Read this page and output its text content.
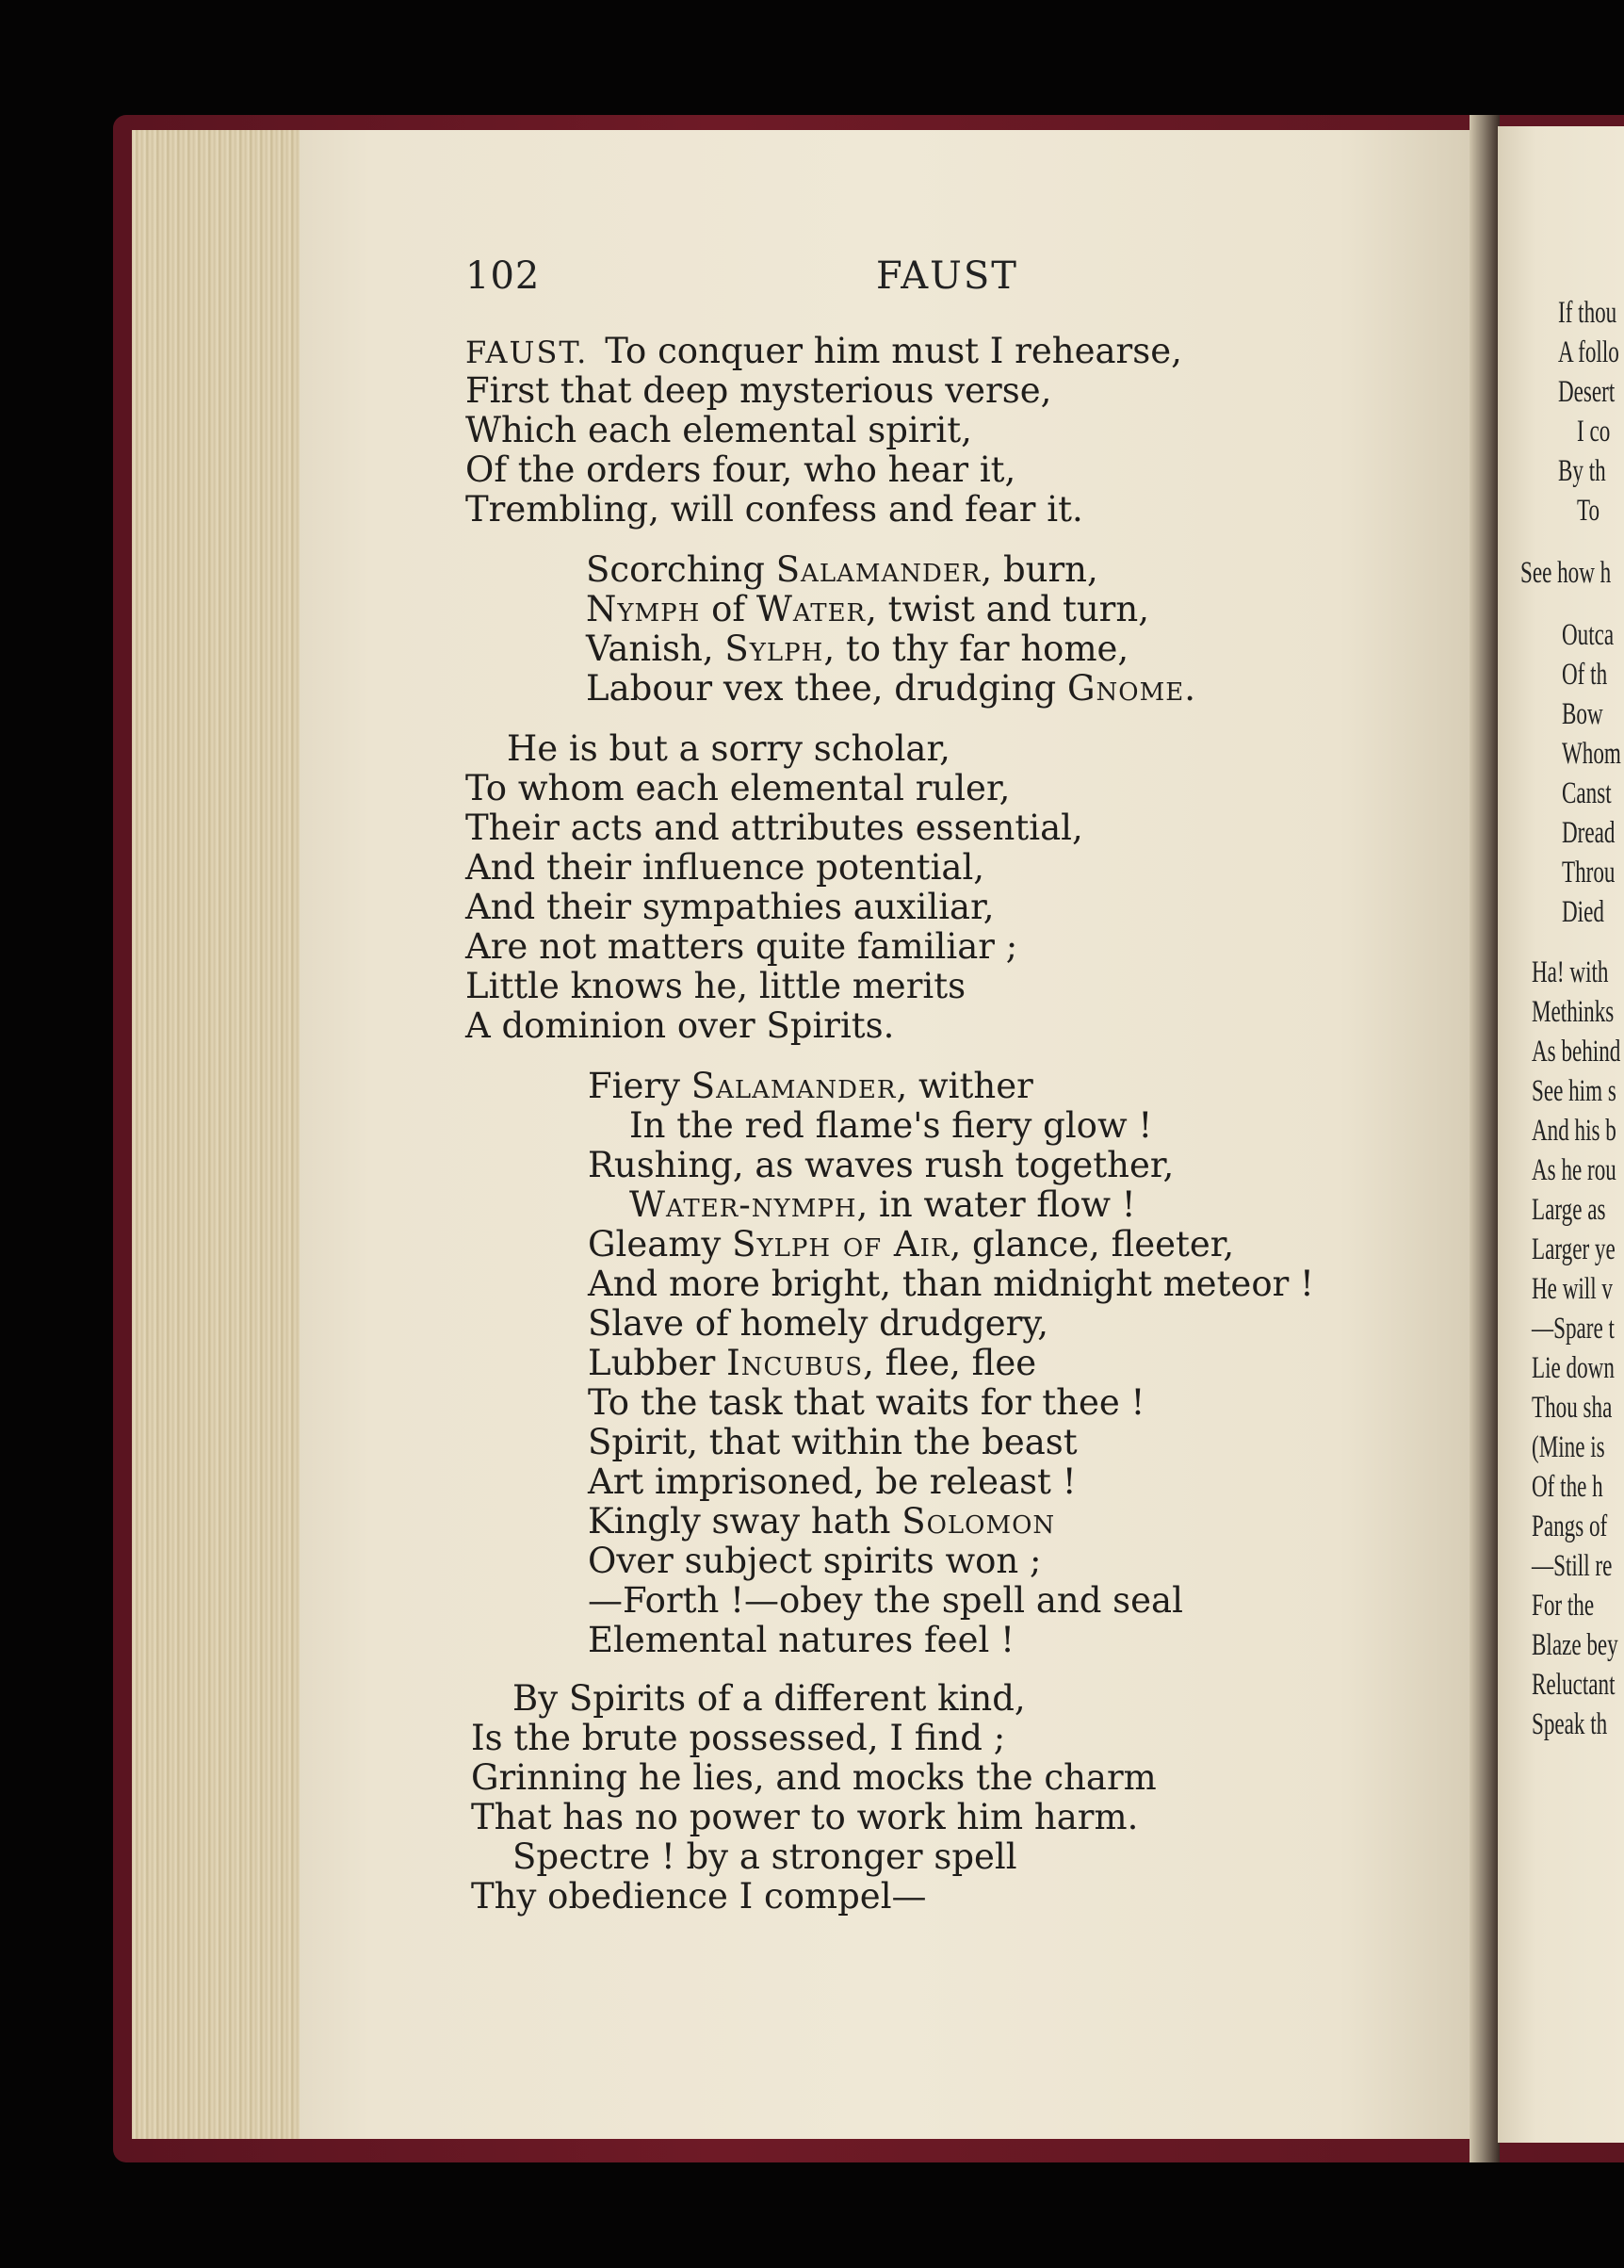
102	FAUST
FAUST. To conquer him must I rehearse,
First that deep mysterious verse,
Which each elemental spirit,
Of the orders four, who hear it,
Trembling, will confess and fear it.
Scorching Salamander, burn,
Nymph of Water, twist and turn,
Vanish, Sylph, to thy far home,
Labour vex thee, drudging Gnome.
He is but a sorry scholar,
To whom each elemental ruler,
Their acts and attributes essential,
And their influence potential,
And their sympathies auxiliar,
Are not matters quite familiar ;
Little knows he, little merits
A dominion over Spirits.
Fiery Salamander, wither
In the red flame's fiery glow !
Rushing, as waves rush together,
Water-nymph, in water flow !
Gleamy Sylph of Air, glance, fleeter,
And more bright, than midnight meteor !
Slave of homely drudgery,
Lubber Incubus, flee, flee
To the task that waits for thee !
Spirit, that within the beast
Art imprisoned, be releast !
Kingly sway hath Solomon
Over subject spirits won ;
—Forth !—obey the spell and seal
Elemental natures feel !
By Spirits of a different kind,
Is the brute possessed, I find ;
Grinning he lies, and mocks the charm
That has no power to work him harm.
Spectre ! by a stronger spell
Thy obedience I compel—
If thou
A follo
Desert
I co
By th
To
See how h
Outca
Of th
Bow
Whom
Canst
Dread
Throu
Died
Ha! with
Methinks
As behind
See him s
And his b
As he rou
Large as
Larger ye
He will v
—Spare t
Lie down
Thou sha
(Mine is
Of the h
Pangs of
—Still re
For the
Blaze bey
Reluctant
Speak th
